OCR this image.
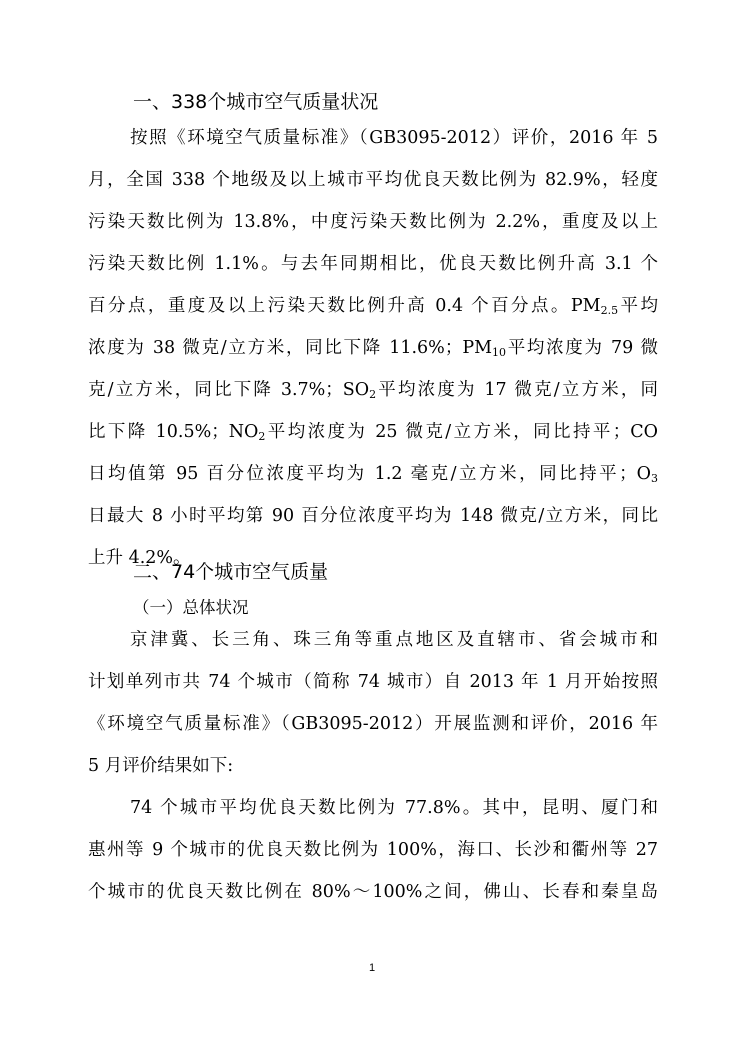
一、338个城市空气质量状况
按照《环境空气质量标准》（GB3095-2012）评价，2016 年 5
月，全国 338 个地级及以上城市平均优良天数比例为 82.9%，轻度
污染天数比例为 13.8%，中度污染天数比例为 2.2%，重度及以上
污染天数比例 1.1%。与去年同期相比，优良天数比例升高 3.1 个
百分点，重度及以上污染天数比例升高 0.4 个百分点。$PM_{2.5}$平均
浓度为 38 微克/立方米，同比下降 11.6%；$PM_{10}$平均浓度为 79 微
克/立方米，同比下降 3.7%；$SO_2$平均浓度为 17 微克/立方米，同
比下降 10.5%；$NO_2$平均浓度为 25 微克/立方米，同比持平；CO
日均值第 95 百分位浓度平均为 1.2 毫克/立方米，同比持平；$O_3$
日最大 8 小时平均第 90 百分位浓度平均为 148 微克/立方米，同比
上升 4.2%。
二、74个城市空气质量
（一）总体状况
京津冀、长三角、珠三角等重点地区及直辖市、省会城市和
计划单列市共 74 个城市（简称 74 城市）自 2013 年 1 月开始按照
《环境空气质量标准》（GB3095-2012）开展监测和评价，2016 年
5 月评价结果如下:
74 个城市平均优良天数比例为 77.8%。其中，昆明、厦门和
惠州等 9 个城市的优良天数比例为 100%，海口、长沙和衢州等 27
个城市的优良天数比例在 80%～100%之间，佛山、长春和秦皇岛
1
